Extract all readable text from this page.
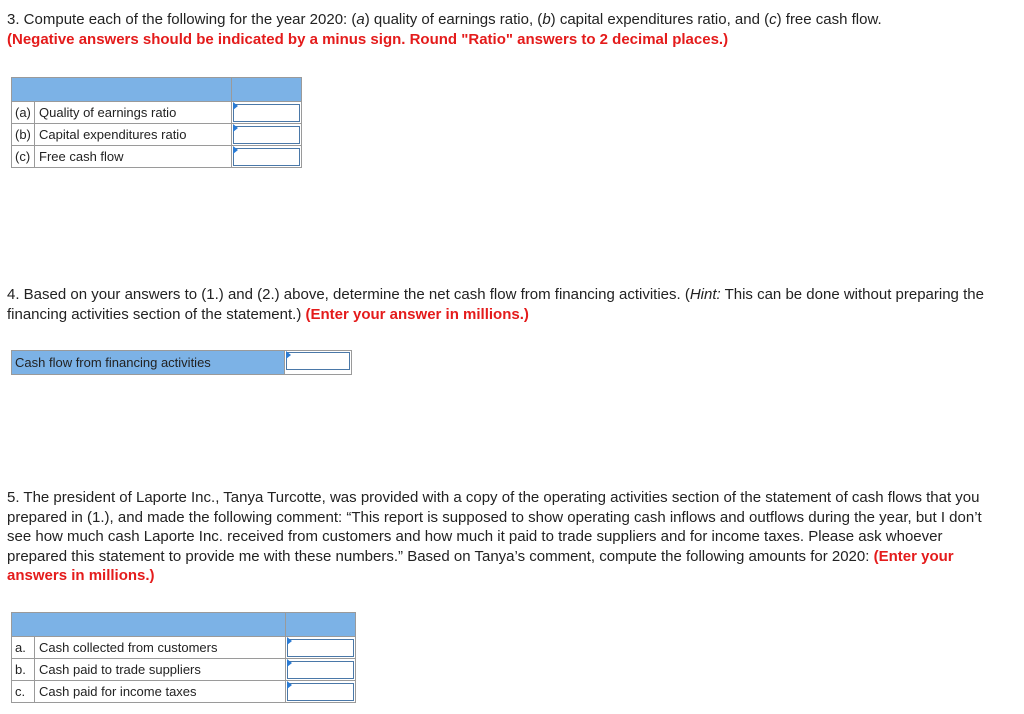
3. Compute each of the following for the year 2020: (a) quality of earnings ratio, (b) capital expenditures ratio, and (c) free cash flow.
(Negative answers should be indicated by a minus sign. Round "Ratio" answers to 2 decimal places.)

(a)	Quality of earnings ratio	

(b)	Capital expenditures ratio	

(c)	Free cash flow	
4. Based on your answers to (1.) and (2.) above, determine the net cash flow from financing activities. (Hint: This can be done without preparing the financing activities section of the statement.) (Enter your answer in millions.)
Cash flow from financing activities
5. The president of Laporte Inc., Tanya Turcotte, was provided with a copy of the operating activities section of the statement of cash flows that you prepared in (1.), and made the following comment: “This report is supposed to show operating cash inflows and outflows during the year, but I don’t see how much cash Laporte Inc. received from customers and how much it paid to trade suppliers and for income taxes. Please ask whoever prepared this statement to provide me with these numbers.” Based on Tanya’s comment, compute the following amounts for 2020: (Enter your answers in millions.)

a.	Cash collected from customers	

b.	Cash paid to trade suppliers	

c.	Cash paid for income taxes	
